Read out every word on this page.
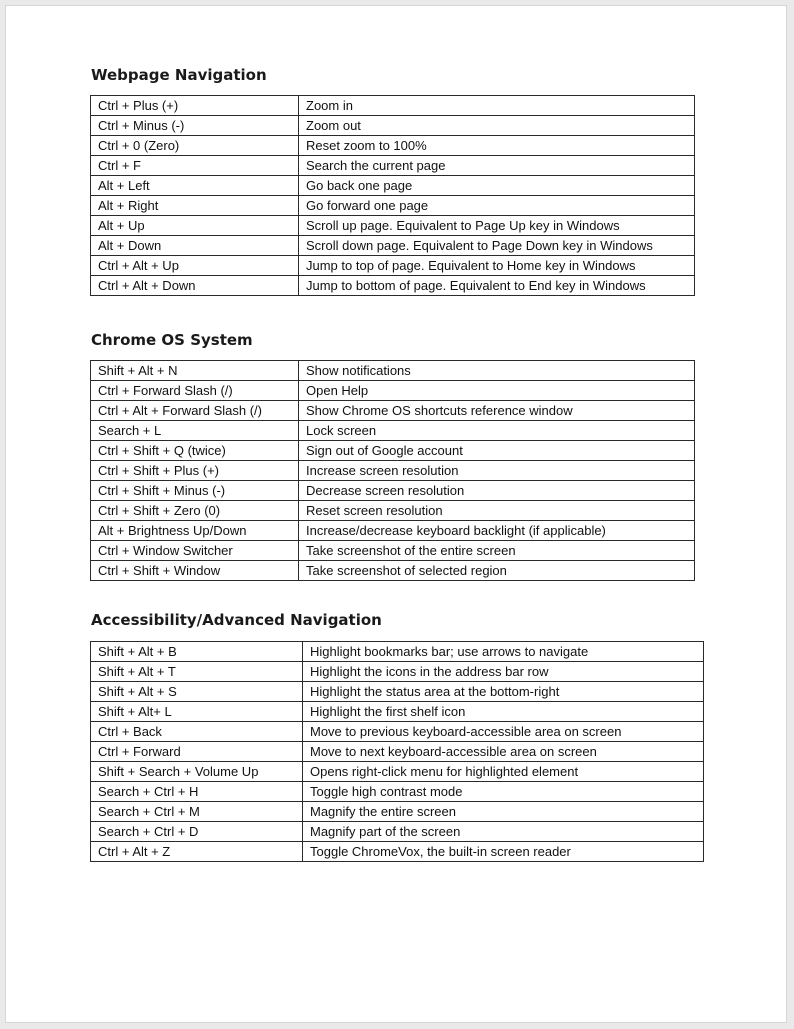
Webpage Navigation
Ctrl + Plus (+)	Zoom in
Ctrl + Minus (-)	Zoom out
Ctrl + 0 (Zero)	Reset zoom to 100%
Ctrl + F	Search the current page
Alt + Left	Go back one page
Alt + Right	Go forward one page
Alt + Up	Scroll up page. Equivalent to Page Up key in Windows
Alt + Down	Scroll down page. Equivalent to Page Down key in Windows
Ctrl + Alt + Up	Jump to top of page. Equivalent to Home key in Windows
Ctrl + Alt + Down	Jump to bottom of page. Equivalent to End key in Windows
Chrome OS System
Shift + Alt + N	Show notifications
Ctrl + Forward Slash (/)	Open Help
Ctrl + Alt + Forward Slash (/)	Show Chrome OS shortcuts reference window
Search + L	Lock screen
Ctrl + Shift + Q (twice)	Sign out of Google account
Ctrl + Shift + Plus (+)	Increase screen resolution
Ctrl + Shift + Minus (-)	Decrease screen resolution
Ctrl + Shift + Zero (0)	Reset screen resolution
Alt + Brightness Up/Down	Increase/decrease keyboard backlight (if applicable)
Ctrl + Window Switcher	Take screenshot of the entire screen
Ctrl + Shift + Window	Take screenshot of selected region
Accessibility/Advanced Navigation
Shift + Alt + B	Highlight bookmarks bar; use arrows to navigate
Shift + Alt + T	Highlight the icons in the address bar row
Shift + Alt + S	Highlight the status area at the bottom-right
Shift + Alt+ L	Highlight the first shelf icon
Ctrl + Back	Move to previous keyboard-accessible area on screen
Ctrl + Forward	Move to next keyboard-accessible area on screen
Shift + Search + Volume Up	Opens right-click menu for highlighted element
Search + Ctrl + H	Toggle high contrast mode
Search + Ctrl + M	Magnify the entire screen
Search + Ctrl + D	Magnify part of the screen
Ctrl + Alt + Z	Toggle ChromeVox, the built-in screen reader
